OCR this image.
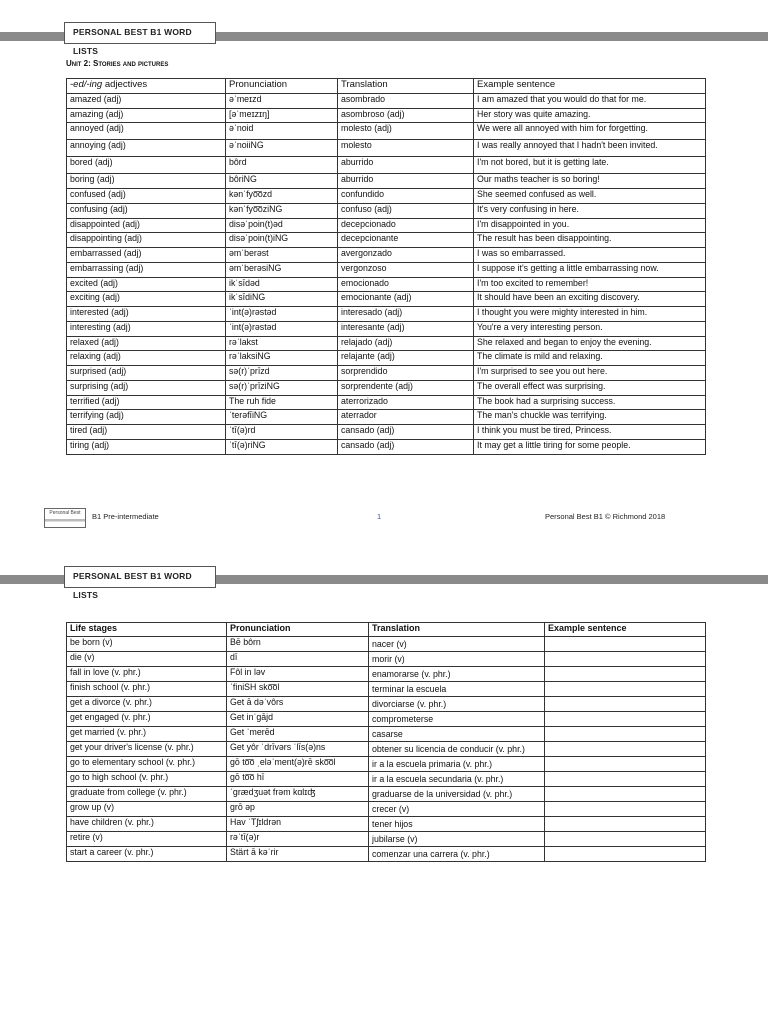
PERSONAL BEST B1 WORD LISTS
Unit 2: Stories and pictures
-ed/-ing adjectives	Pronunciation	Translation	Example sentence
amazed (adj)	əˈmeɪzd	asombrado	I am amazed that you would do that for me.
amazing (adj)	[əˈmeɪzɪŋ]	asombroso (adj)	Her story was quite amazing.
annoyed (adj)	əˈnoid	molesto (adj)	We were all annoyed with him for forgetting.
annoying (adj)	əˈnoiiNG	molesto	I was really annoyed that I hadn't been invited.
bored (adj)	bôrd	aburrido	I'm not bored, but it is getting late.
boring (adj)	bôriNG	aburrido	Our maths teacher is so boring!
confused (adj)	kənˈfyo͞ozd	confundido	She seemed confused as well.
confusing (adj)	kənˈfyo͞oziNG	confuso (adj)	It's very confusing in here.
disappointed (adj)	disəˈpoin(t)əd	decepcionado	I'm disappointed in you.
disappointing (adj)	disəˈpoin(t)iNG	decepcionante	The result has been disappointing.
embarrassed (adj)	əmˈberəst	avergonzado	I was so embarrassed.
embarrassing (adj)	əmˈberəsiNG	vergonzoso	I suppose it's getting a little embarrassing now.
excited (adj)	ikˈsīdəd	emocionado	I'm too excited to remember!
exciting (adj)	ikˈsīdiNG	emocionante (adj)	It should have been an exciting discovery.
interested (adj)	ˈint(ə)rəstəd	interesado (adj)	I thought you were mighty interested in him.
interesting (adj)	ˈint(ə)rəstəd	interesante (adj)	You're a very interesting person.
relaxed (adj)	rəˈlakst	relajado (adj)	She relaxed and began to enjoy the evening.
relaxing (adj)	rəˈlaksiNG	relajante (adj)	The climate is mild and relaxing.
surprised (adj)	sə(r)ˈprīzd	sorprendido	I'm surprised to see you out here.
surprising (adj)	sə(r)ˈprīziNG	sorprendente (adj)	The overall effect was surprising.
terrified (adj)	The ruh fide	aterrorizado	The book had a surprising success.
terrifying (adj)	ˈterəfīiNG	aterrador	The man's chuckle was terrifying.
tired (adj)	ˈtī(ə)rd	cansado (adj)	I think you must be tired, Princess.
tiring (adj)	ˈtī(ə)riNG	cansado (adj)	It may get a little tiring for some people.
Personal Best	B1 Pre-intermediate	1	Personal Best B1 © Richmond 2018
PERSONAL BEST B1 WORD LISTS
Life stages	Pronunciation	Translation	Example sentence
be born (v)	Bē bôrn	nacer (v)	
die (v)	dī	morir (v)	
fall in love (v. phr.)	Fôl in ləv	enamorarse (v. phr.)	
finish school (v. phr.)	ˈfiniSH sko͞ol	terminar la escuela	
get a divorce (v. phr.)	Get ā dəˈvôrs	divorciarse (v. phr.)	
get engaged (v. phr.)	Get inˈgājd	comprometerse	
get married (v. phr.)	Get ˈmerēd	casarse	
get your driver's license (v. phr.)	Get yôr ˈdrīvərs ˈlīs(ə)ns	obtener su licencia de conducir (v. phr.)	
go to elementary school (v. phr.)	gō to͞o ˌeləˈment(ə)rē sko͞ol	ir a la escuela primaria (v. phr.)	
go to high school (v. phr.)	gō to͞o hī	ir a la escuela secundaria (v. phr.)	
graduate from college (v. phr.)	ˈɡrædʒuət frəm kɑlɪʤ	graduarse de la universidad (v. phr.)	
grow up (v)	grō əp	crecer (v)	
have children (v. phr.)	Hav ˈTʃɪldrən	tener hijos	
retire (v)	rəˈtī(ə)r	jubilarse (v)	
start a career (v. phr.)	Stärt ā kəˈrir	comenzar una carrera (v. phr.)	
